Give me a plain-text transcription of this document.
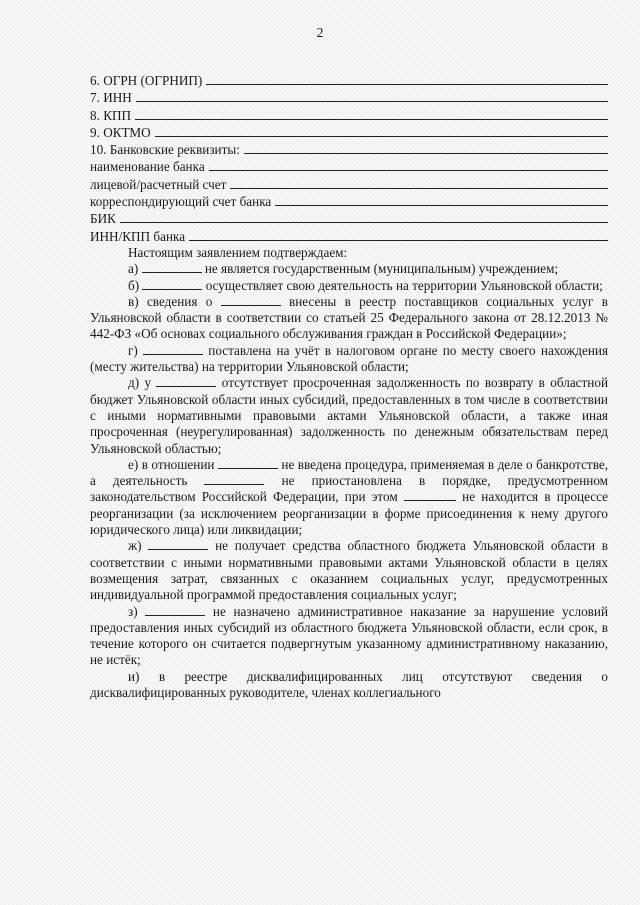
2
6. ОГРН (ОГРНИП)
7. ИНН
8. КПП
9. ОКТМО
10. Банковские реквизиты:
наименование банка
лицевой/расчетный счет
корреспондирующий счет банка
БИК
ИНН/КПП банка

Настоящим заявлением подтверждаем:

а)	не является государственным (муниципальным) учреждением;

б)	осуществляет свою деятельность на территории Ульяновской области;

в) сведения о	внесены в реестр поставщиков социальных услуг в Ульяновской области в соответствии со статьей 25 Федерального закона от 28.12.2013 № 442-ФЗ «Об основах социального обслуживания граждан в Российской Федерации»;

г)	поставлена на учёт в налоговом органе по месту своего нахождения (месту жительства) на территории Ульяновской области;

д) у	отсутствует просроченная задолженность по возврату в областной бюджет Ульяновской области иных субсидий, предоставленных в том числе в соответствии с иными нормативными правовыми актами Ульяновской области, а также иная просроченная (неурегулированная) задолженность по денежным обязательствам перед Ульяновской областью;

е) в отношении	не введена процедура, применяемая в деле о банкротстве, а деятельность	не приостановлена в порядке, предусмотренном законодательством Российской Федерации, при этом	не находится в процессе реорганизации (за исключением реорганизации в форме присоединения к нему другого юридического лица) или ликвидации;

ж)	не получает средства областного бюджета Ульяновской области в соответствии с иными нормативными правовыми актами Ульяновской области в целях возмещения затрат, связанных с оказанием социальных услуг, предусмотренных индивидуальной программой предоставления социальных услуг;

з)	не назначено административное наказание за нарушение условий предоставления иных субсидий из областного бюджета Ульяновской области, если срок, в течение которого он считается подвергнутым указанному административному наказанию, не истёк;

и) в реестре дисквалифицированных лиц отсутствуют сведения о дисквалифицированных руководителе, членах коллегиального
